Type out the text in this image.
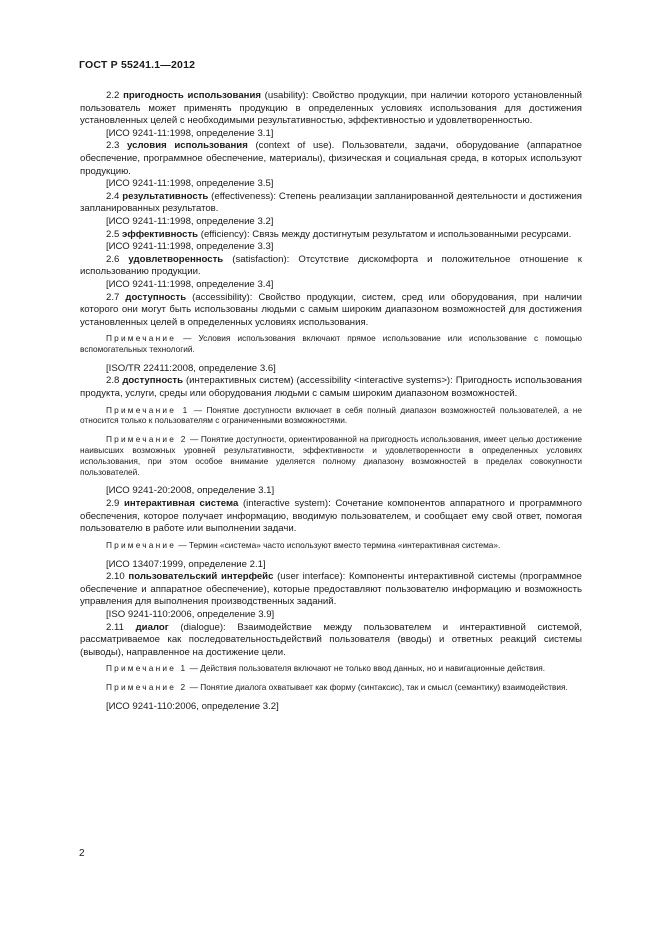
ГОСТ Р 55241.1—2012

2.2 пригодность использования (usability): Свойство продукции, при наличии которого установленный пользователь может применять продукцию в определенных условиях использования для достижения установленных целей с необходимыми результативностью, эффективностью и удовлетворенностью.

[ИСО 9241-11:1998, определение 3.1]

2.3 условия использования (context of use). Пользователи, задачи, оборудование (аппаратное обеспечение, программное обеспечение, материалы), физическая и социальная среда, в которых используют продукцию.

[ИСО 9241-11:1998, определение 3.5]

2.4 результативность (effectiveness): Степень реализации запланированной деятельности и достижения запланированных результатов.

[ИСО 9241-11:1998, определение 3.2]

2.5 эффективность (efficiency): Связь между достигнутым результатом и использованными ресурсами.

[ИСО 9241-11:1998, определение 3.3]

2.6 удовлетворенность (satisfaction): Отсутствие дискомфорта и положительное отношение к использованию продукции.

[ИСО 9241-11:1998, определение 3.4]

2.7 доступность (accessibility): Свойство продукции, систем, сред или оборудования, при наличии которого они могут быть использованы людьми с самым широким диапазоном возможностей для достижения установленных целей в определенных условиях использования.

Примечание — Условия использования включают прямое использование или использование с помощью вспомогательных технологий.

[ISO/TR 22411:2008, определение 3.6]

2.8 доступность (интерактивных систем) (accessibility <interactive systems>): Пригодность использования продукта, услуги, среды или оборудования людьми с самым широким диапазоном возможностей.

Примечание 1 — Понятие доступности включает в себя полный диапазон возможностей пользователей, а не относится только к пользователям с ограниченными возможностями.

Примечание 2 — Понятие доступности, ориентированной на пригодность использования, имеет целью достижение наивысших возможных уровней результативности, эффективности и удовлетворенности в определенных условиях использования, при этом особое внимание уделяется полному диапазону возможностей в пределах совокупности пользователей.

[ИСО 9241-20:2008, определение 3.1]

2.9 интерактивная система (interactive system): Сочетание компонентов аппаратного и программного обеспечения, которое получает информацию, вводимую пользователем, и сообщает ему свой ответ, помогая пользователю в работе или выполнении задачи.

Примечание — Термин «система» часто используют вместо термина «интерактивная система».

[ИСО 13407:1999, определение 2.1]

2.10 пользовательский интерфейс (user interface): Компоненты интерактивной системы (программное обеспечение и аппаратное обеспечение), которые предоставляют пользователю информацию и возможность управления для выполнения производственных заданий.

[ISO 9241-110:2006, определение 3.9]

2.11 диалог (dialogue): Взаимодействие между пользователем и интерактивной системой, рассматриваемое как последовательностьдействий пользователя (вводы) и ответных реакций системы (выводы), направленное на достижение цели.

Примечание 1 — Действия пользователя включают не только ввод данных, но и навигационные действия.

Примечание 2 — Понятие диалога охватывает как форму (синтаксис), так и смысл (семантику) взаимодействия.

[ИСО 9241-110:2006, определение 3.2]

2
